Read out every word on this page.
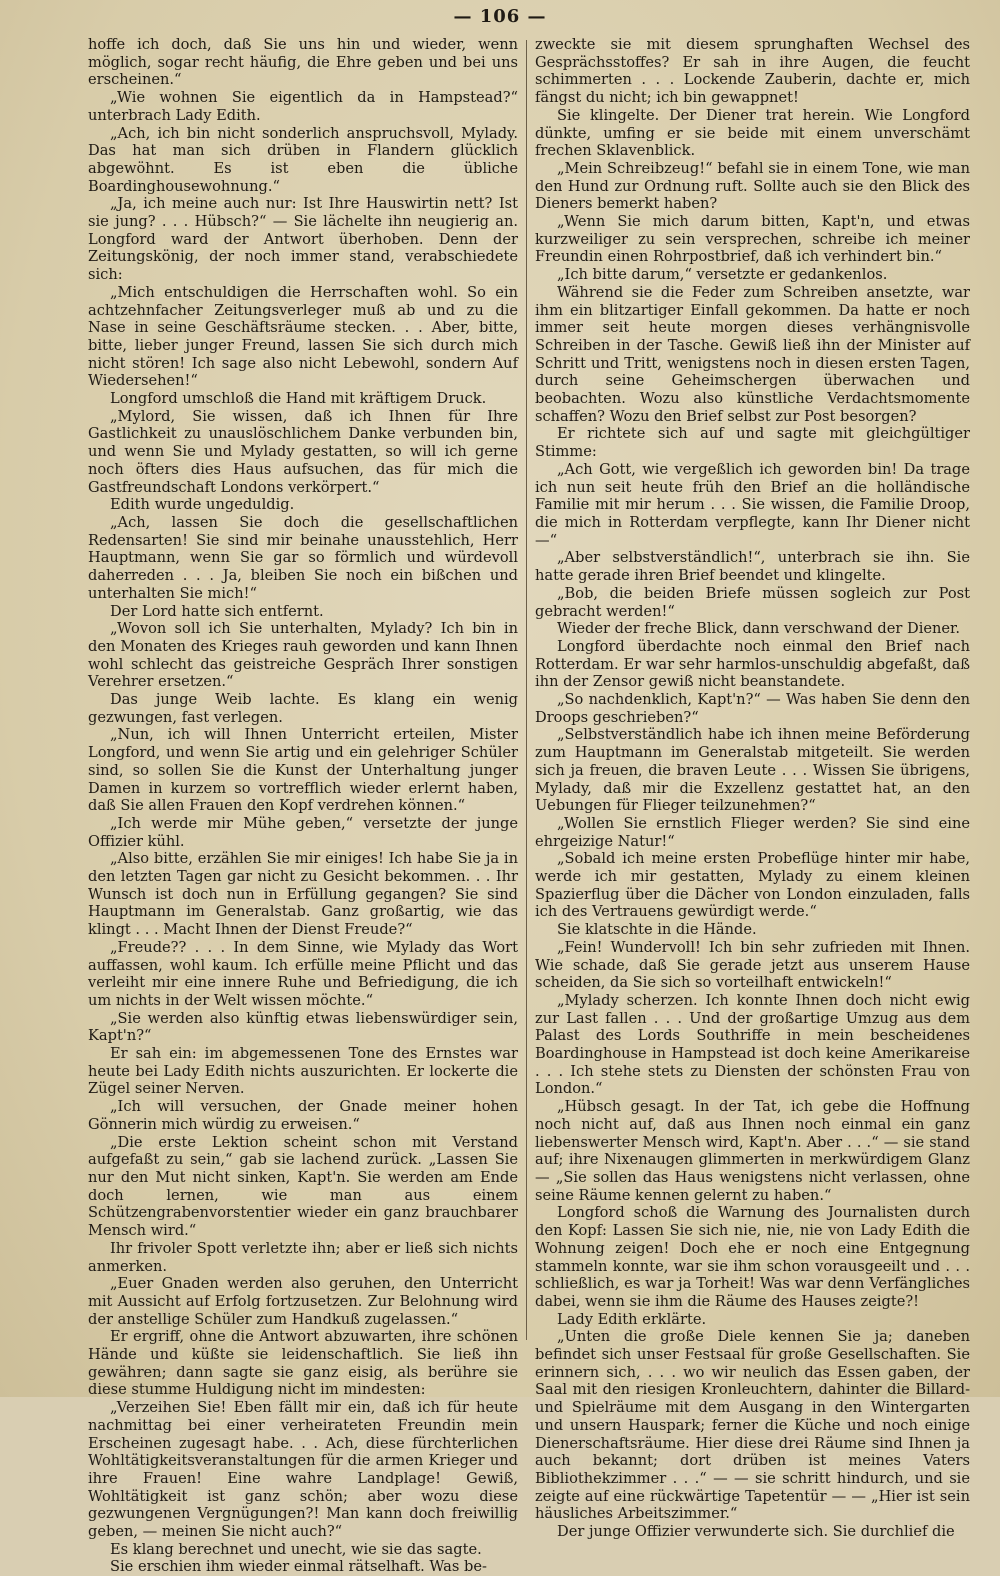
— 106 —

hoffe ich doch, daß Sie uns hin und wieder, wenn möglich, sogar recht häufig, die Ehre geben und bei uns erscheinen.“

„Wie wohnen Sie eigentlich da in Hampstead?“ unterbrach Lady Edith.

„Ach, ich bin nicht sonderlich anspruchsvoll, Mylady. Das hat man sich drüben in Flandern glücklich abgewöhnt. Es ist eben die übliche Boardinghousewohnung.“

„Ja, ich meine auch nur: Ist Ihre Hauswirtin nett? Ist sie jung? . . . Hübsch?“ — Sie lächelte ihn neugierig an. Longford ward der Antwort überhoben. Denn der Zeitungskönig, der noch immer stand, verabschiedete sich:

„Mich entschuldigen die Herrschaften wohl. So ein achtzehnfacher Zeitungsverleger muß ab und zu die Nase in seine Geschäftsräume stecken. . . Aber, bitte, bitte, lieber junger Freund, lassen Sie sich durch mich nicht stören! Ich sage also nicht Lebewohl, sondern Auf Wiedersehen!“

Longford umschloß die Hand mit kräftigem Druck.

„Mylord, Sie wissen, daß ich Ihnen für Ihre Gastlichkeit zu unauslöschlichem Danke verbunden bin, und wenn Sie und Mylady gestatten, so will ich gerne noch öfters dies Haus aufsuchen, das für mich die Gastfreundschaft Londons verkörpert.“

Edith wurde ungeduldig.

„Ach, lassen Sie doch die gesellschaftlichen Redensarten! Sie sind mir beinahe unausstehlich, Herr Hauptmann, wenn Sie gar so förmlich und würdevoll daherreden . . . Ja, bleiben Sie noch ein bißchen und unterhalten Sie mich!“

Der Lord hatte sich entfernt.

„Wovon soll ich Sie unterhalten, Mylady? Ich bin in den Monaten des Krieges rauh geworden und kann Ihnen wohl schlecht das geistreiche Gespräch Ihrer sonstigen Verehrer ersetzen.“

Das junge Weib lachte. Es klang ein wenig gezwungen, fast verlegen.

„Nun, ich will Ihnen Unterricht erteilen, Mister Longford, und wenn Sie artig und ein gelehriger Schüler sind, so sollen Sie die Kunst der Unterhaltung junger Damen in kurzem so vortrefflich wieder erlernt haben, daß Sie allen Frauen den Kopf verdrehen können.“

„Ich werde mir Mühe geben,“ versetzte der junge Offizier kühl.

„Also bitte, erzählen Sie mir einiges! Ich habe Sie ja in den letzten Tagen gar nicht zu Gesicht bekommen. . . Ihr Wunsch ist doch nun in Erfüllung gegangen? Sie sind Hauptmann im Generalstab. Ganz großartig, wie das klingt . . . Macht Ihnen der Dienst Freude?“

„Freude?? . . . In dem Sinne, wie Mylady das Wort auffassen, wohl kaum. Ich erfülle meine Pflicht und das verleiht mir eine innere Ruhe und Befriedigung, die ich um nichts in der Welt wissen möchte.“

„Sie werden also künftig etwas liebenswürdiger sein, Kapt'n?“

Er sah ein: im abgemessenen Tone des Ernstes war heute bei Lady Edith nichts auszurichten. Er lockerte die Zügel seiner Nerven.

„Ich will versuchen, der Gnade meiner hohen Gönnerin mich würdig zu erweisen.“

„Die erste Lektion scheint schon mit Verstand aufgefaßt zu sein,“ gab sie lachend zurück. „Lassen Sie nur den Mut nicht sinken, Kapt'n. Sie werden am Ende doch lernen, wie man aus einem Schützengrabenvorstentier wieder ein ganz brauchbarer Mensch wird.“

Ihr frivoler Spott verletzte ihn; aber er ließ sich nichts anmerken.

„Euer Gnaden werden also geruhen, den Unterricht mit Aussicht auf Erfolg fortzusetzen. Zur Belohnung wird der anstellige Schüler zum Handkuß zugelassen.“

Er ergriff, ohne die Antwort abzuwarten, ihre schönen Hände und küßte sie leidenschaftlich. Sie ließ ihn gewähren; dann sagte sie ganz eisig, als berühre sie diese stumme Huldigung nicht im mindesten:

„Verzeihen Sie! Eben fällt mir ein, daß ich für heute nachmittag bei einer verheirateten Freundin mein Erscheinen zugesagt habe. . . Ach, diese fürchterlichen Wohltätigkeitsveranstaltungen für die armen Krieger und ihre Frauen! Eine wahre Landplage! Gewiß, Wohltätigkeit ist ganz schön; aber wozu diese gezwungenen Vergnügungen?! Man kann doch freiwillig geben, — meinen Sie nicht auch?“

Es klang berechnet und unecht, wie sie das sagte.

Sie erschien ihm wieder einmal rätselhaft. Was be-

zweckte sie mit diesem sprunghaften Wechsel des Gesprächsstoffes? Er sah in ihre Augen, die feucht schimmerten . . . Lockende Zauberin, dachte er, mich fängst du nicht; ich bin gewappnet!

Sie klingelte. Der Diener trat herein. Wie Longford dünkte, umfing er sie beide mit einem unverschämt frechen Sklavenblick.

„Mein Schreibzeug!“ befahl sie in einem Tone, wie man den Hund zur Ordnung ruft. Sollte auch sie den Blick des Dieners bemerkt haben?

„Wenn Sie mich darum bitten, Kapt'n, und etwas kurzweiliger zu sein versprechen, schreibe ich meiner Freundin einen Rohrpostbrief, daß ich verhindert bin.“

„Ich bitte darum,“ versetzte er gedankenlos.

Während sie die Feder zum Schreiben ansetzte, war ihm ein blitzartiger Einfall gekommen. Da hatte er noch immer seit heute morgen dieses verhängnisvolle Schreiben in der Tasche. Gewiß ließ ihn der Minister auf Schritt und Tritt, wenigstens noch in diesen ersten Tagen, durch seine Geheimschergen überwachen und beobachten. Wozu also künstliche Verdachtsmomente schaffen? Wozu den Brief selbst zur Post besorgen?

Er richtete sich auf und sagte mit gleichgültiger Stimme:

„Ach Gott, wie vergeßlich ich geworden bin! Da trage ich nun seit heute früh den Brief an die holländische Familie mit mir herum . . . Sie wissen, die Familie Droop, die mich in Rotterdam verpflegte, kann Ihr Diener nicht —“

„Aber selbstverständlich!“, unterbrach sie ihn. Sie hatte gerade ihren Brief beendet und klingelte.

„Bob, die beiden Briefe müssen sogleich zur Post gebracht werden!“

Wieder der freche Blick, dann verschwand der Diener.

Longford überdachte noch einmal den Brief nach Rotterdam. Er war sehr harmlos-unschuldig abgefaßt, daß ihn der Zensor gewiß nicht beanstandete.

„So nachdenklich, Kapt'n?“ — Was haben Sie denn den Droops geschrieben?“

„Selbstverständlich habe ich ihnen meine Beförderung zum Hauptmann im Generalstab mitgeteilt. Sie werden sich ja freuen, die braven Leute . . . Wissen Sie übrigens, Mylady, daß mir die Exzellenz gestattet hat, an den Uebungen für Flieger teilzunehmen?“

„Wollen Sie ernstlich Flieger werden? Sie sind eine ehrgeizige Natur!“

„Sobald ich meine ersten Probeflüge hinter mir habe, werde ich mir gestatten, Mylady zu einem kleinen Spazierflug über die Dächer von London einzuladen, falls ich des Vertrauens gewürdigt werde.“

Sie klatschte in die Hände.

„Fein! Wundervoll! Ich bin sehr zufrieden mit Ihnen. Wie schade, daß Sie gerade jetzt aus unserem Hause scheiden, da Sie sich so vorteilhaft entwickeln!“

„Mylady scherzen. Ich konnte Ihnen doch nicht ewig zur Last fallen . . . Und der großartige Umzug aus dem Palast des Lords Southriffe in mein bescheidenes Boardinghouse in Hampstead ist doch keine Amerikareise . . . Ich stehe stets zu Diensten der schönsten Frau von London.“

„Hübsch gesagt. In der Tat, ich gebe die Hoffnung noch nicht auf, daß aus Ihnen noch einmal ein ganz liebenswerter Mensch wird, Kapt'n. Aber . . .“ — sie stand auf; ihre Nixenaugen glimmerten in merkwürdigem Glanz — „Sie sollen das Haus wenigstens nicht verlassen, ohne seine Räume kennen gelernt zu haben.“

Longford schoß die Warnung des Journalisten durch den Kopf: Lassen Sie sich nie, nie, nie von Lady Edith die Wohnung zeigen! Doch ehe er noch eine Entgegnung stammeln konnte, war sie ihm schon vorausgeeilt und . . . schließlich, es war ja Torheit! Was war denn Verfängliches dabei, wenn sie ihm die Räume des Hauses zeigte?!

Lady Edith erklärte.

„Unten die große Diele kennen Sie ja; daneben befindet sich unser Festsaal für große Gesellschaften. Sie erinnern sich, . . . wo wir neulich das Essen gaben, der Saal mit den riesigen Kronleuchtern, dahinter die Billard- und Spielräume mit dem Ausgang in den Wintergarten und unsern Hauspark; ferner die Küche und noch einige Dienerschaftsräume. Hier diese drei Räume sind Ihnen ja auch bekannt; dort drüben ist meines Vaters Bibliothekzimmer . . .“ — — sie schritt hindurch, und sie zeigte auf eine rückwärtige Tapetentür — — „Hier ist sein häusliches Arbeitszimmer.“

Der junge Offizier verwunderte sich. Sie durchlief die
